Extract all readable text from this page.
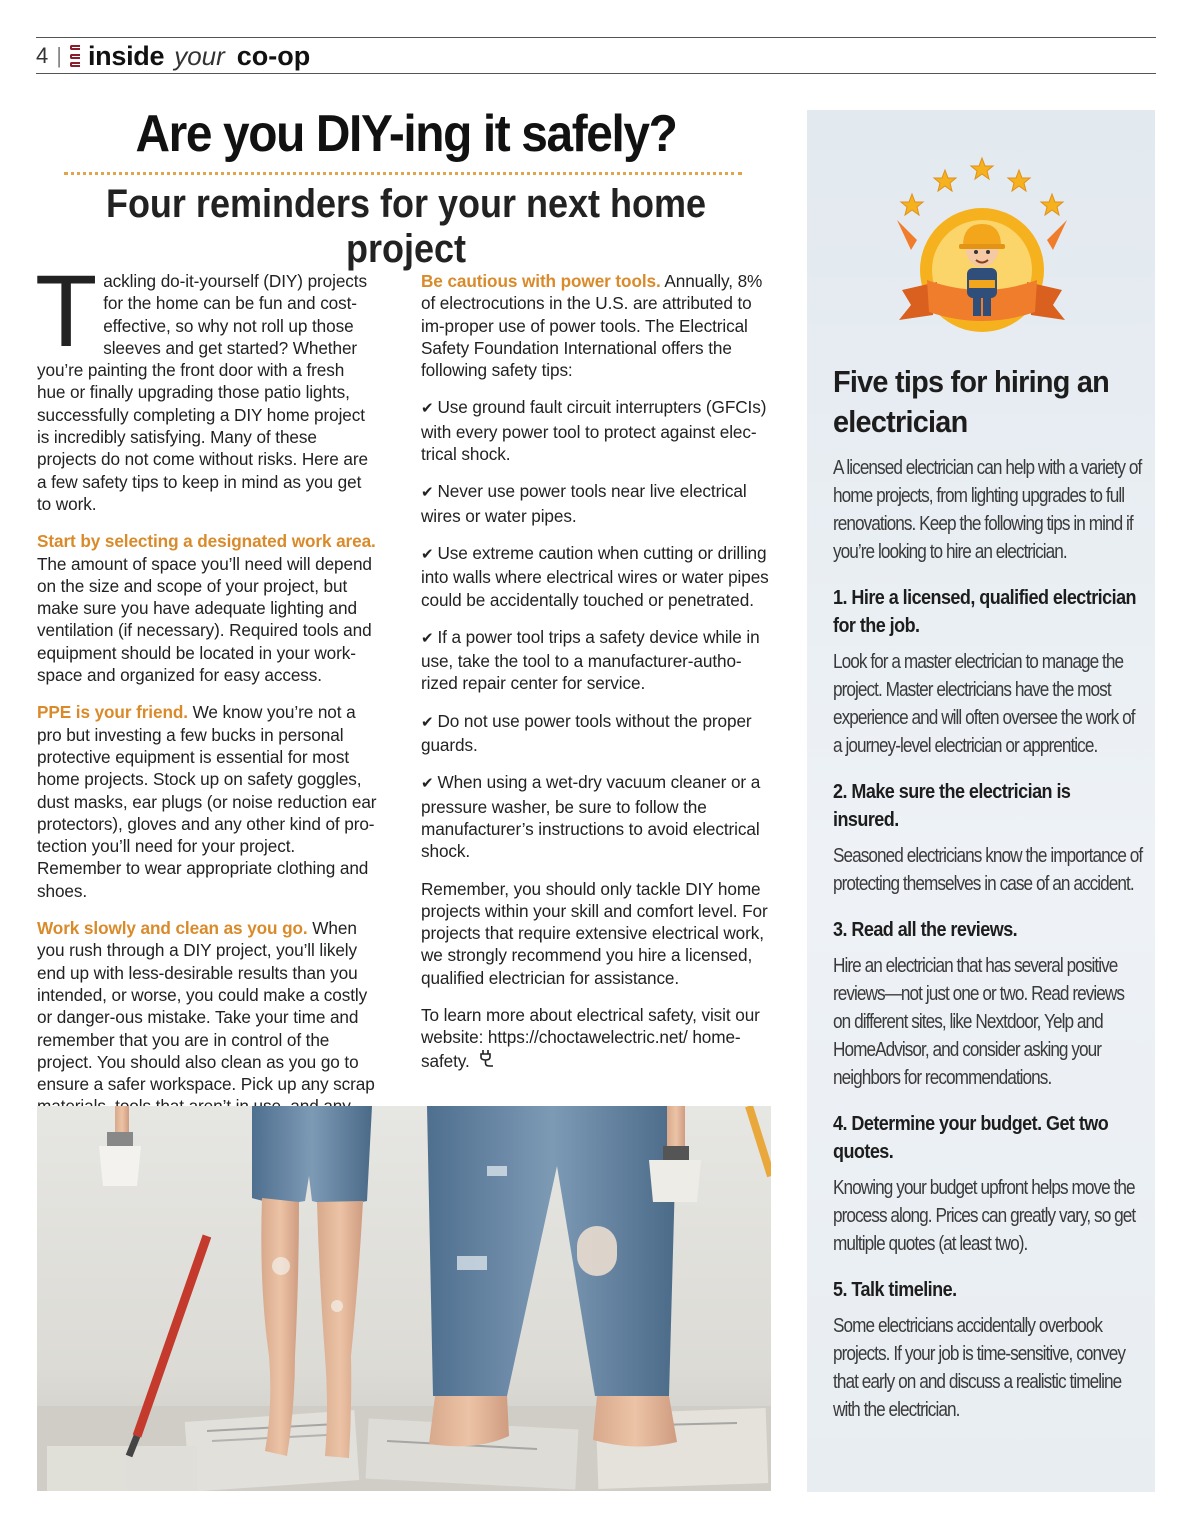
4 | inside your co-op
Are you DIY-ing it safely?
Four reminders for your next home project

Tackling do-it-yourself (DIY) projects for the home can be fun and cost-effective, so why not roll up those sleeves and get started? Whether you’re painting the front door with a fresh hue or finally upgrading those patio lights, successfully completing a DIY home project is incredibly satisfying. Many of these projects do not come without risks. Here are a few safety tips to keep in mind as you get to work.

Start by selecting a designated work area.
The amount of space you’ll need will depend on the size and scope of your project, but make sure you have adequate lighting and ventilation (if necessary). Required tools and equipment should be located in your work-space and organized for easy access.

PPE is your friend. We know you’re not a pro but investing a few bucks in personal protective equipment is essential for most home projects. Stock up on safety goggles, dust masks, ear plugs (or noise reduction ear protectors), gloves and any other kind of pro-tection you’ll need for your project. Remember to wear appropriate clothing and shoes.

Work slowly and clean as you go. When you rush through a DIY project, you’ll likely end up with less-desirable results than you intended, or worse, you could make a costly or danger-ous mistake. Take your time and remember that you are in control of the project. You should also clean as you go to ensure a safer workspace. Pick up any scrap

Be cautious with power tools. Annually, 8% of electrocutions in the U.S. are attributed to im-proper use of power tools. The Electrical Safety Foundation International offers the following safety tips:

✔ Use ground fault circuit interrupters (GFCIs) with every power tool to protect against elec-trical shock.

✔ Never use power tools near live electrical wires or water pipes.

✔ Use extreme caution when cutting or drilling into walls where electrical wires or water pipes could be accidentally touched or penetrated.

✔ If a power tool trips a safety device while in use, take the tool to a manufacturer-autho-rized repair center for service.

✔ Do not use power tools without the proper guards.

✔ When using a wet-dry vacuum cleaner or a pressure washer, be sure to follow the manufacturer’s instructions to avoid electrical shock.

Remember, you should only tackle DIY home projects within your skill and comfort level. For projects that require extensive electrical work, we strongly recommend you hire a licensed, qualified electrician for assistance.

To learn more about electrical safety, visit our website: https://choctawelectric.net/ home-safety.

Five tips for hiring an electrician

A licensed electrician can help with a variety of home projects, from lighting upgrades to full renovations. Keep the following tips in mind if you’re looking to hire an electrician.

1. Hire a licensed, qualified electrician for the job.

Look for a master electrician to manage the project. Master electricians have the most experience and will often oversee the work of a journey-level electrician or apprentice.

2. Make sure the electrician is insured.

Seasoned electricians know the importance of protecting themselves in case of an accident.

3. Read all the reviews.

Hire an electrician that has several positive reviews—not just one or two. Read reviews on different sites, like Nextdoor, Yelp and HomeAdvisor, and consider asking your neighbors for recommendations.

4. Determine your budget. Get two quotes.

Knowing your budget upfront helps move the process along. Prices can greatly vary, so get multiple quotes (at least two).

5. Talk timeline.

Some electricians accidentally overbook projects. If your job is time-sensitive, convey that early on and discuss a realistic timeline with the electrician.
